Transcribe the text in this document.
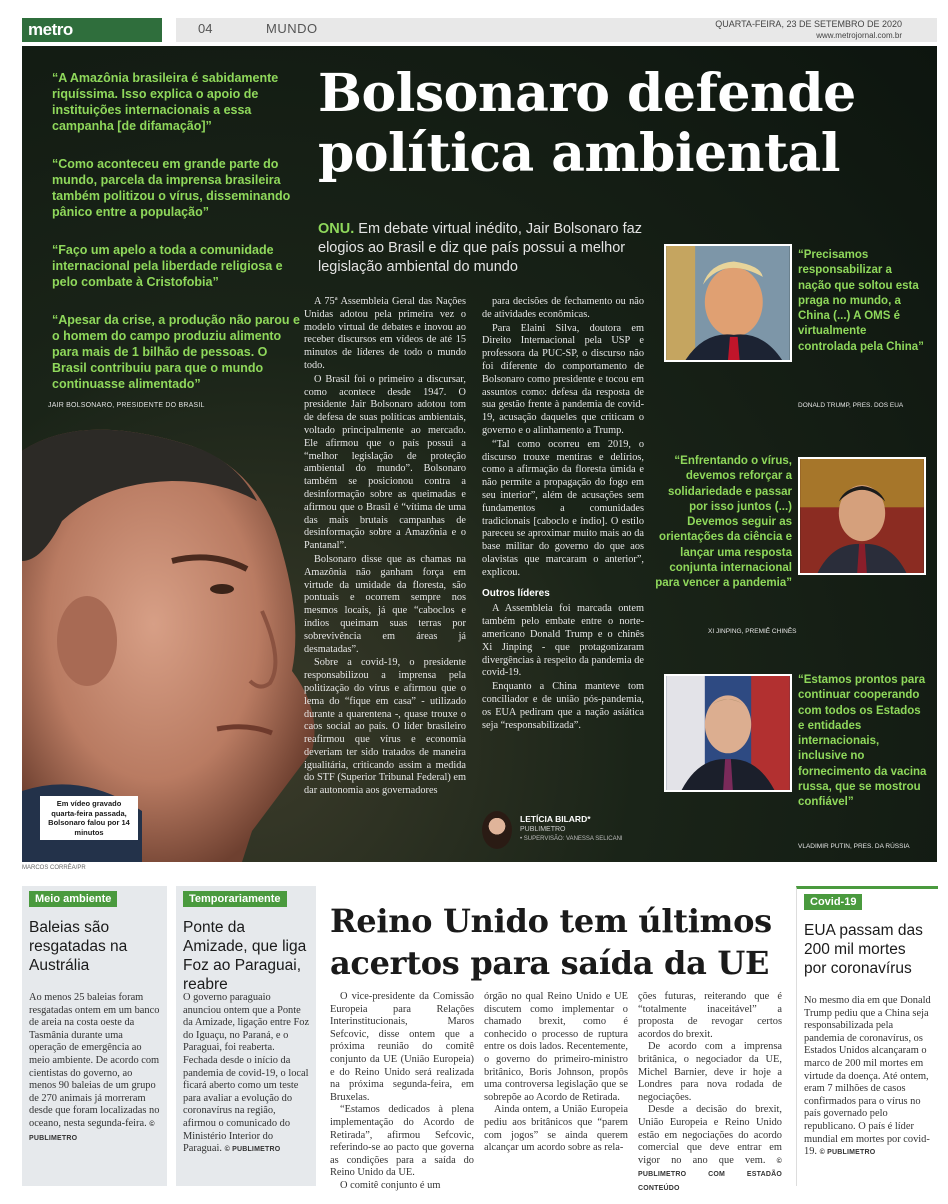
metro	04	MUNDO	QUARTA-FEIRA, 23 DE SETEMBRO DE 2020
www.metrojornal.com.br
Bolsonaro defende
política ambiental
“A Amazônia brasileira é sabidamente riquíssima. Isso explica o apoio de instituições internacionais a essa campanha [de difamação]”
“Como aconteceu em grande parte do mundo, parcela da imprensa brasileira também politizou o vírus, disseminando pânico entre a população”
“Faço um apelo a toda a comunidade internacional pela liberdade religiosa e pelo combate à Cristofobia”
“Apesar da crise, a produção não parou e o homem do campo produziu alimento para mais de 1 bilhão de pessoas. O Brasil contribuiu para que o mundo continuasse alimentado”
JAIR BOLSONARO, PRESIDENTE DO BRASIL
ONU. Em debate virtual inédito, Jair Bolsonaro faz elogios ao Brasil e diz que país possui a melhor legislação ambiental do mundo

A 75ª Assembleia Geral das Nações Unidas adotou pela primeira vez o modelo virtual de debates e inovou ao receber discursos em vídeos de até 15 minutos de líderes de todo o mundo todo.

O Brasil foi o primeiro a discursar, como acontece desde 1947. O presidente Jair Bolsonaro adotou tom de defesa de suas políticas ambientais, voltado principalmente ao mercado. Ele afirmou que o país possui a “melhor legislação de proteção ambiental do mundo”. Bolsonaro também se posicionou contra a desinformação sobre as queimadas e afirmou que o Brasil é “vítima de uma das mais brutais campanhas de desinformação sobre a Amazônia e o Pantanal”.

Bolsonaro disse que as chamas na Amazônia não ganham força em virtude da umidade da floresta, são pontuais e ocorrem sempre nos mesmos locais, já que “caboclos e índios queimam suas terras por sobrevivência em áreas já desmatadas”.

Sobre a covid-19, o presidente responsabilizou a imprensa pela politização do vírus e afirmou que o lema do “fique em casa” - utilizado durante a quarentena -, quase trouxe o caos social ao país. O líder brasileiro reafirmou que vírus e economia deveriam ter sido tratados de maneira igualitária, criticando assim a medida do STF (Superior Tribunal Federal) em dar autonomia aos governadores

para decisões de fechamento ou não de atividades econômicas.

Para Elaini Silva, doutora em Direito Internacional pela USP e professora da PUC-SP, o discurso não foi diferente do comportamento de Bolsonaro como presidente e tocou em assuntos como: defesa da resposta de sua gestão frente à pandemia de covid-19, acusação daqueles que criticam o governo e o alinhamento a Trump.

“Tal como ocorreu em 2019, o discurso trouxe mentiras e delírios, como a afirmação da floresta úmida e não permite a propagação do fogo em seu interior”, além de acusações sem fundamentos a comunidades tradicionais [caboclo e índio]. O estilo pareceu se aproximar muito mais ao da base militar do governo do que aos olavistas que marcaram o anterior”, explicou.

Outros líderes

A Assembleia foi marcada ontem também pelo embate entre o norte-americano Donald Trump e o chinês Xi Jinping - que protagonizaram divergências à respeito da pandemia de covid-19.

Enquanto a China manteve tom conciliador e de união pós-pandemia, os EUA pediram que a nação asiática seja “responsabilizada”.

LETÍCIA BILARD*
PUBLIMETRO
• SUPERVISÃO: VANESSA SELICANI
Em vídeo gravado quarta-feira passada, Bolsonaro falou por 14 minutos
“Precisamos responsabilizar a nação que soltou esta praga no mundo, a China (...) A OMS é virtualmente controlada pela China”
DONALD TRUMP, PRES. DOS EUA
“Enfrentando o vírus, devemos reforçar a solidariedade e passar por isso juntos (...) Devemos seguir as orientações da ciência e lançar uma resposta conjunta internacional para vencer a pandemia”
XI JINPING, PREMIÊ CHINÊS
“Estamos prontos para continuar cooperando com todos os Estados e entidades internacionais, inclusive no fornecimento da vacina russa, que se mostrou confiável”
VLADIMIR PUTIN, PRES. DA RÚSSIA
MARCOS CORRÊA/PR
Meio ambiente
Baleias são resgatadas na Austrália
Ao menos 25 baleias foram resgatadas ontem em um banco de areia na costa oeste da Tasmânia durante uma operação de emergência ao meio ambiente. De acordo com cientistas do governo, ao menos 90 baleias de um grupo de 270 animais já morreram desde que foram localizadas no oceano, nesta segunda-feira. © PUBLIMETRO
Temporariamente
Ponte da Amizade, que liga Foz ao Paraguai, reabre
O governo paraguaio anunciou ontem que a Ponte da Amizade, ligação entre Foz do Iguaçu, no Paraná, e o Paraguai, foi reaberta. Fechada desde o início da pandemia de covid-19, o local ficará aberto como um teste para avaliar a evolução do coronavírus na região, afirmou o comunicado do Ministério Interior do Paraguai. © PUBLIMETRO
Reino Unido tem últimos acertos para saída da UE

O vice-presidente da Comissão Europeia para Relações Interinstitucionais, Maros Sefcovic, disse ontem que a próxima reunião do comitê conjunto da UE (União Europeia) e do Reino Unido será realizada na próxima segunda-feira, em Bruxelas.

“Estamos dedicados à plena implementação do Acordo de Retirada”, afirmou Sefcovic, referindo-se ao pacto que governa as condições para a saída do Reino Unido da UE.

O comitê conjunto é um

órgão no qual Reino Unido e UE discutem como implementar o chamado brexit, como é conhecido o processo de ruptura entre os dois lados. Recentemente, o governo do primeiro-ministro britânico, Boris Johnson, propôs uma controversa legislação que se sobrepõe ao Acordo de Retirada.

Ainda ontem, a União Europeia pediu aos britânicos que “parem com jogos” se ainda querem alcançar um acordo sobre as rela-

ções futuras, reiterando que é “totalmente inaceitável” a proposta de revogar certos acordos do brexit.

De acordo com a imprensa britânica, o negociador da UE, Michel Barnier, deve ir hoje a Londres para nova rodada de negociações.

Desde a decisão do brexit, União Europeia e Reino Unido estão em negociações do acordo comercial que deve entrar em vigor no ano que vem. © PUBLIMETRO COM ESTADÃO CONTEÚDO

Covid-19
EUA passam das 200 mil mortes por coronavírus
No mesmo dia em que Donald Trump pediu que a China seja responsabilizada pela pandemia de coronavírus, os Estados Unidos alcançaram o marco de 200 mil mortes em virtude da doença. Até ontem, eram 7 milhões de casos confirmados para o vírus no país governado pelo republicano. O país é líder mundial em mortes por covid-19. © PUBLIMETRO
